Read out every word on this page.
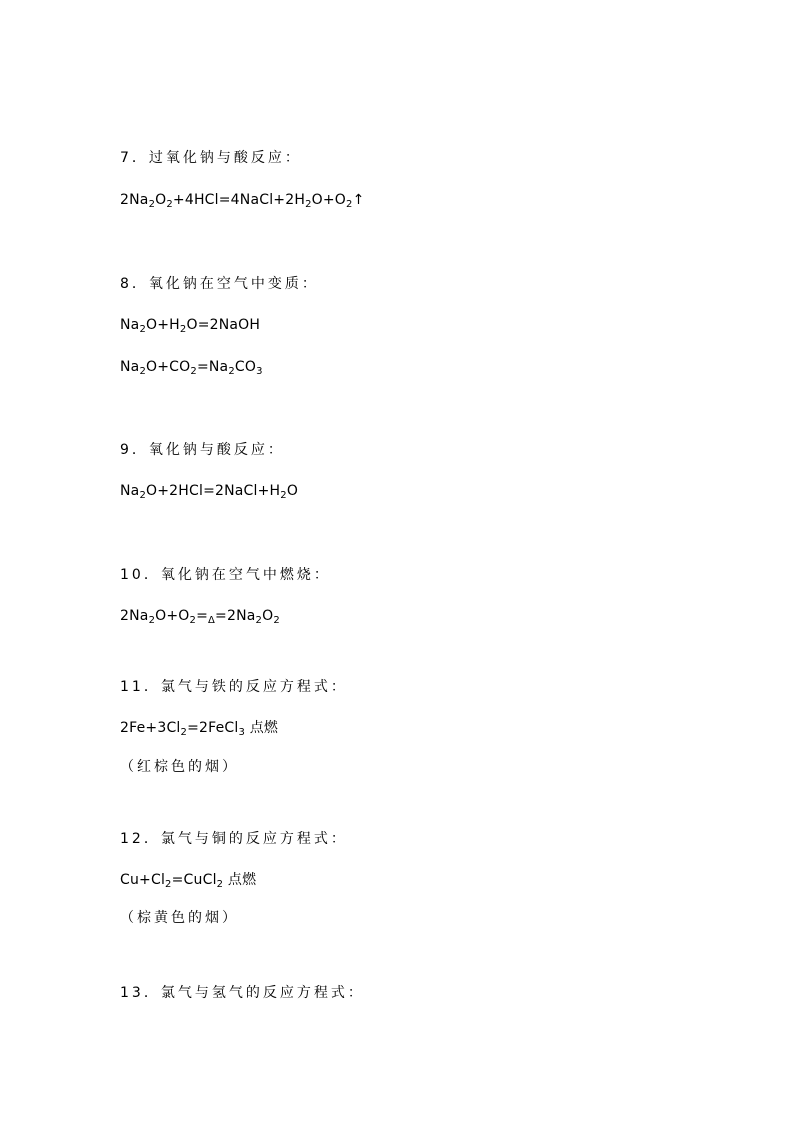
7．过氧化钠与酸反应：
$2Na_2O_2+4HCl=4NaCl+2H_2O+O_2↑$
8．氧化钠在空气中变质：
$Na_2O+H_2O=2NaOH$
$Na_2O+CO_2=Na_2CO_3$
9．氧化钠与酸反应：
$Na_2O+2HCl=2NaCl+H_2O$
10．氧化钠在空气中燃烧：
$2Na_2O+O_2=_\Delta=2Na_2O_2$
11．氯气与铁的反应方程式：
$2Fe+3Cl_2=2FeCl_3$ 点燃
（红棕色的烟）
12．氯气与铜的反应方程式：
$Cu+Cl_2=CuCl_2$ 点燃
（棕黄色的烟）
13．氯气与氢气的反应方程式：
